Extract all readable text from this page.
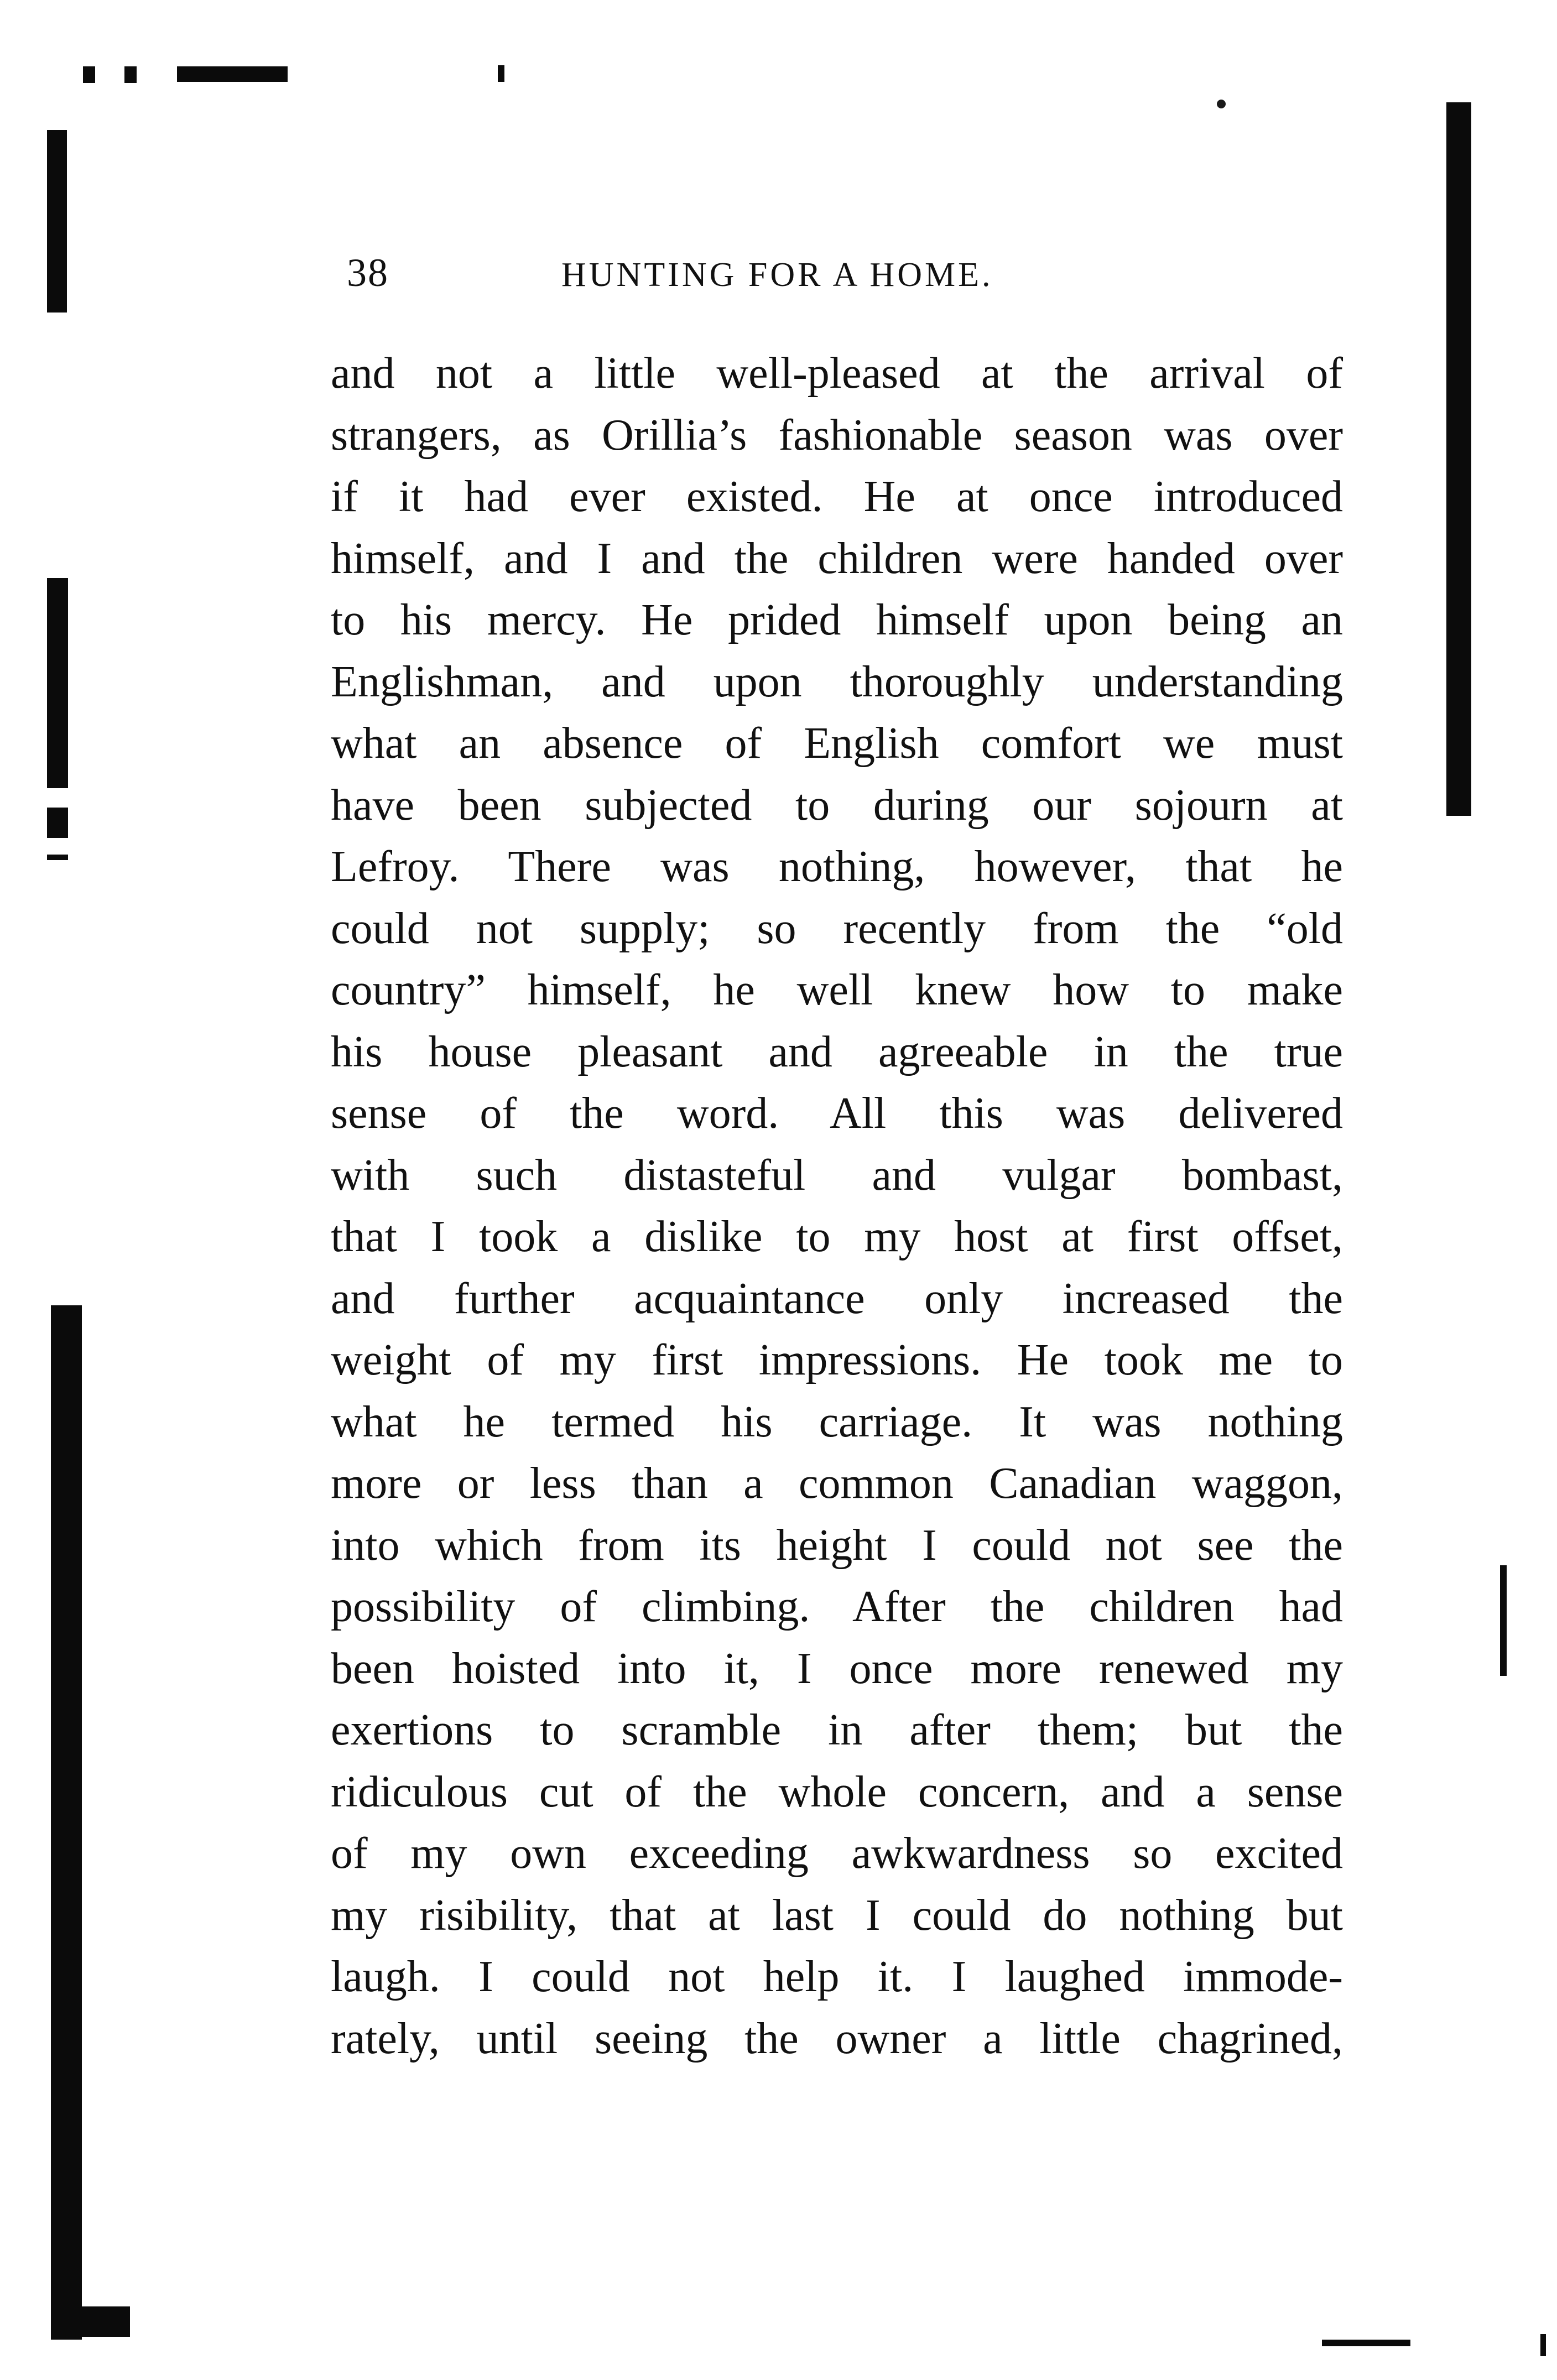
38	HUNTING FOR A HOME.
and not a little well-pleased at the arrival of
strangers, as Orillia’s fashionable season was over
if it had ever existed. He at once introduced
himself, and I and the children were handed over
to his mercy. He prided himself upon being an
Englishman, and upon thoroughly understanding
what an absence of English comfort we must
have been subjected to during our sojourn at
Lefroy. There was nothing, however, that he
could not supply; so recently from the “old
country” himself, he well knew how to make
his house pleasant and agreeable in the true
sense of the word. All this was delivered
with such distasteful and vulgar bombast,
that I took a dislike to my host at first offset,
and further acquaintance only increased the
weight of my first impressions. He took me to
what he termed his carriage. It was nothing
more or less than a common Canadian waggon,
into which from its height I could not see the
possibility of climbing. After the children had
been hoisted into it, I once more renewed my
exertions to scramble in after them; but the
ridiculous cut of the whole concern, and a sense
of my own exceeding awkwardness so excited
my risibility, that at last I could do nothing but
laugh. I could not help it. I laughed immode-
rately, until seeing the owner a little chagrined,
